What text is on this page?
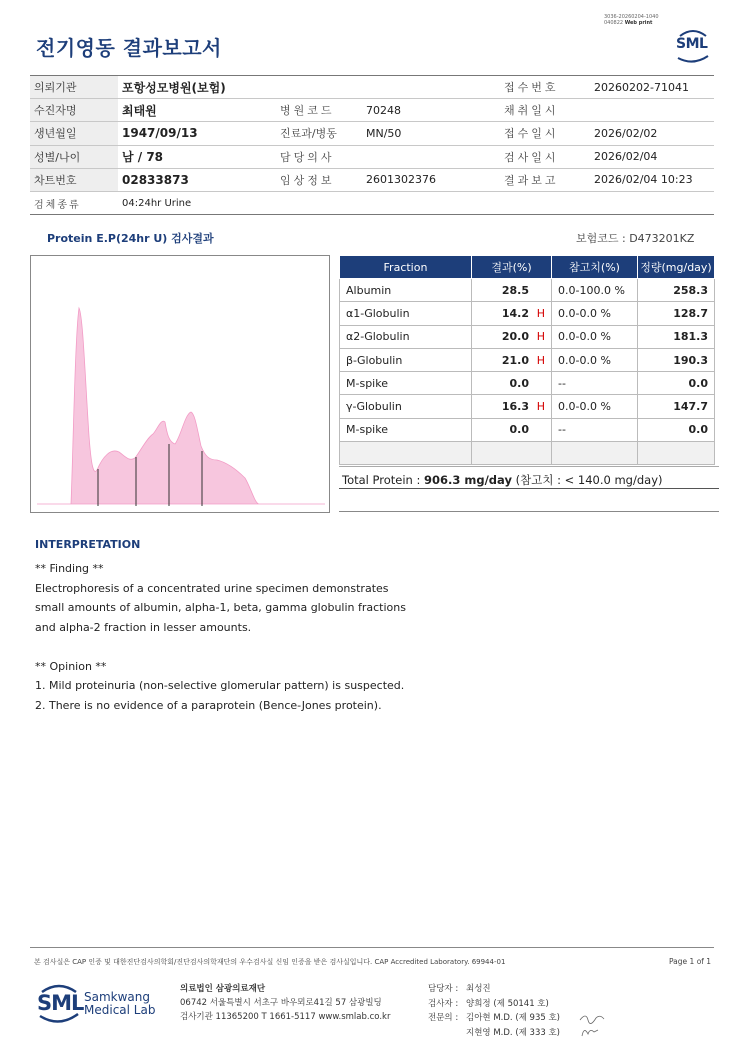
3036-20260204-1040
040822 Web print
전기영동 결과보고서	SML
의뢰기관	포항성모병원(보험)			접수번호	20260202-71041
수진자명	최태원	병원코드	70248	채취일시	
생년월일	1947/09/13	진료과/병동	MN/50	접수일시	2026/02/02
성별/나이	남 / 78	담당의사		검사일시	2026/02/04
차트번호	02833873	임상정보	2601302376	결과보고	2026/02/04 10:23
검체종류	04:24hr Urine				
Protein E.P(24hr U) 검사결과	보험코드 : D473201KZ
Fraction	결과(%)	참고치(%)	정량(mg/day)
Albumin	28.5	0.0-100.0 %	258.3
α1-Globulin	14.2 H	0.0-0.0 %	128.7
α2-Globulin	20.0 H	0.0-0.0 %	181.3
β-Globulin	21.0 H	0.0-0.0 %	190.3
M-spike	0.0	--	0.0
γ-Globulin	16.3 H	0.0-0.0 %	147.7
M-spike	0.0	--	0.0

Total Protein : 906.3 mg/day (참고치 : < 140.0 mg/day)
INTERPRETATION
** Finding **
Electrophoresis of a concentrated urine specimen demonstrates
small amounts of albumin, alpha-1, beta, gamma globulin fractions
and alpha-2 fraction in lesser amounts.
** Opinion **
1. Mild proteinuria (non-selective glomerular pattern) is suspected.
2. There is no evidence of a paraprotein (Bence-Jones protein).
본 검사실은 CAP 인증 및 대한진단검사의학회/진단검사의학재단의 우수검사실 신임 인증을 받은 검사실입니다. CAP Accredited Laboratory. 69944-01	Page 1 of 1
SML Samkwang
Medical Lab
의료법인 삼광의료재단
06742 서울특별시 서초구 바우뫼로41길 57 삼광빌딩
검사기관 11365200 T 1661-5117 www.smlab.co.kr
담당자 : 최성진
검사자 : 양희정 (제 50141 호)
전문의 : 김아현 M.D. (제 935 호)
지현영 M.D. (제 333 호)
